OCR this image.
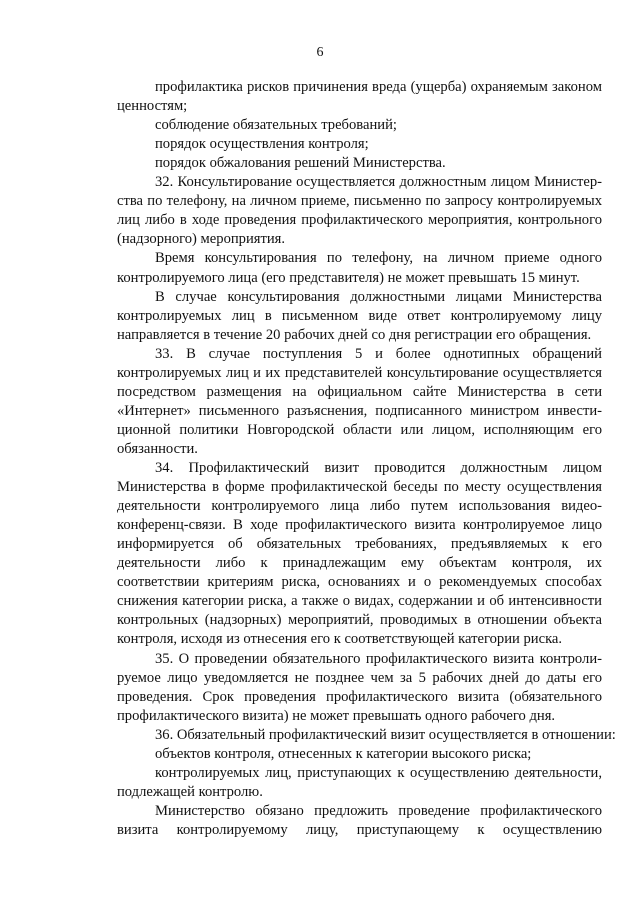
6
профилактика рисков причинения вреда (ущерба) охраняемым законом
ценностям;
соблюдение обязательных требований;
порядок осуществления контроля;
порядок обжалования решений Министерства.
32. Консультирование осуществляется должностным лицом Министер-
ства по телефону, на личном приеме, письменно по запросу контролируемых
лиц либо в ходе проведения профилактического мероприятия, контрольного
(надзорного) мероприятия.
Время консультирования по телефону, на личном приеме одного
контролируемого лица (его представителя) не может превышать 15 минут.
В случае консультирования должностными лицами Министерства
контролируемых лиц в письменном виде ответ контролируемому лицу
направляется в течение 20 рабочих дней со дня регистрации его обращения.
33. В случае поступления 5 и более однотипных обращений
контролируемых лиц и их представителей консультирование осуществляется
посредством размещения на официальном сайте Министерства в сети
«Интернет» письменного разъяснения, подписанного министром инвести-
ционной политики Новгородской области или лицом, исполняющим его
обязанности.
34. Профилактический визит проводится должностным лицом
Министерства в форме профилактической беседы по месту осуществления
деятельности контролируемого лица либо путем использования видео-
конференц-связи. В ходе профилактического визита контролируемое лицо
информируется об обязательных требованиях, предъявляемых к его
деятельности либо к принадлежащим ему объектам контроля, их
соответствии критериям риска, основаниях и о рекомендуемых способах
снижения категории риска, а также о видах, содержании и об интенсивности
контрольных (надзорных) мероприятий, проводимых в отношении объекта
контроля, исходя из отнесения его к соответствующей категории риска.
35. О проведении обязательного профилактического визита контроли-
руемое лицо уведомляется не позднее чем за 5 рабочих дней до даты его
проведения. Срок проведения профилактического визита (обязательного
профилактического визита) не может превышать одного рабочего дня.
36. Обязательный профилактический визит осуществляется в отношении:
объектов контроля, отнесенных к категории высокого риска;
контролируемых лиц, приступающих к осуществлению деятельности,
подлежащей контролю.
Министерство обязано предложить проведение профилактического
визита контролируемому лицу, приступающему к осуществлению
